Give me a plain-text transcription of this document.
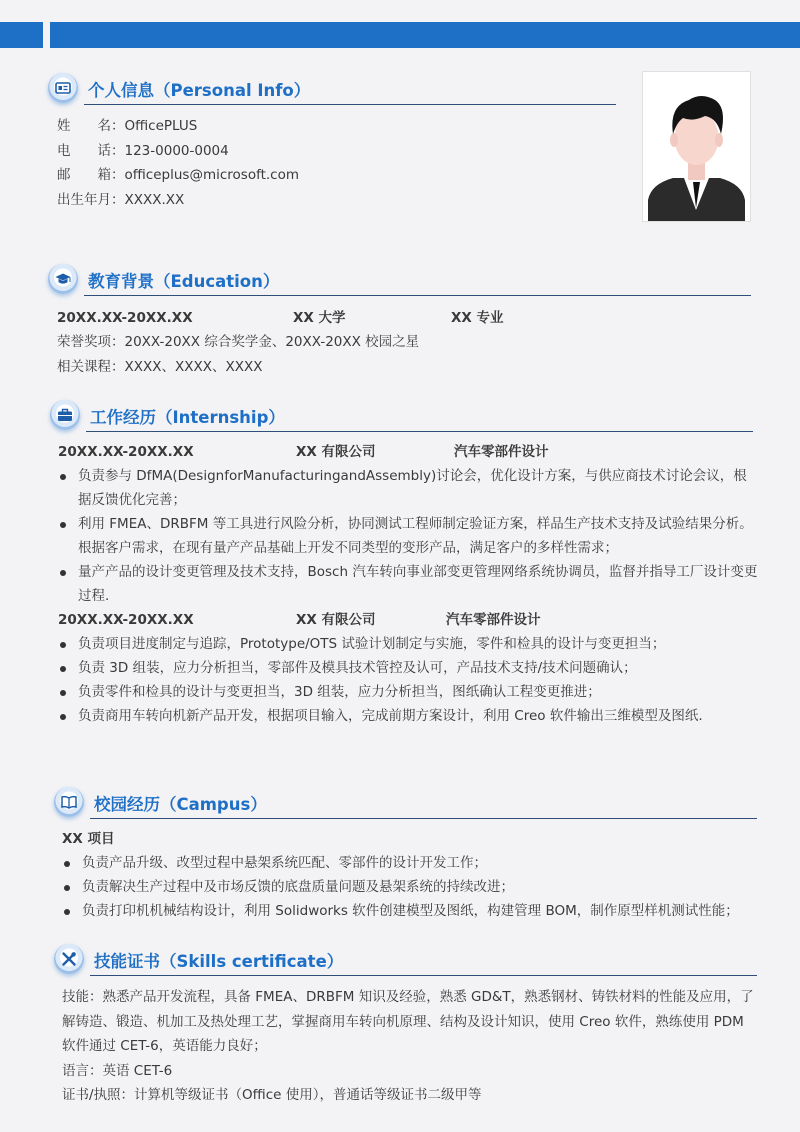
个人信息（Personal Info）
姓　　名：OfficePLUS
电　　话：123-0000-0004
邮　　箱：officeplus@microsoft.com
出生年月：XXXX.XX
教育背景（Education）
20XX.XX-20XX.XX	XX 大学	XX 专业
荣誉奖项：20XX-20XX 综合奖学金、20XX-20XX 校园之星
相关课程：XXXX、XXXX、XXXX
工作经历（Internship）
20XX.XX-20XX.XX	XX 有限公司	汽车零部件设计
负责参与 DfMA(DesignforManufacturingandAssembly)讨论会，优化设计方案，与供应商技术讨论会议，根据反馈优化完善；
利用 FMEA、DRBFM 等工具进行风险分析，协同测试工程师制定验证方案，样品生产技术支持及试验结果分析。根据客户需求，在现有量产产品基础上开发不同类型的变形产品，满足客户的多样性需求；
量产产品的设计变更管理及技术支持，Bosch 汽车转向事业部变更管理网络系统协调员，监督并指导工厂设计变更过程.
20XX.XX-20XX.XX	XX 有限公司	汽车零部件设计
负责项目进度制定与追踪，Prototype/OTS 试验计划制定与实施，零件和检具的设计与变更担当；
负责 3D 组装，应力分析担当，零部件及模具技术管控及认可，产品技术支持/技术问题确认；
负责零件和检具的设计与变更担当，3D 组装，应力分析担当，图纸确认工程变更推进；
负责商用车转向机新产品开发，根据项目输入，完成前期方案设计，利用 Creo 软件输出三维模型及图纸.
校园经历（Campus）
XX 项目
负责产品升级、改型过程中悬架系统匹配、零部件的设计开发工作；
负责解决生产过程中及市场反馈的底盘质量问题及悬架系统的持续改进；
负责打印机机械结构设计，利用 Solidworks 软件创建模型及图纸，构建管理 BOM，制作原型样机测试性能；
技能证书（Skills certificate）
技能：熟悉产品开发流程，具备 FMEA、DRBFM 知识及经验，熟悉 GD&T，熟悉钢材、铸铁材料的性能及应用，了解铸造、锻造、机加工及热处理工艺，掌握商用车转向机原理、结构及设计知识，使用 Creo 软件，熟练使用 PDM 软件通过 CET-6，英语能力良好；
语言：英语 CET-6
证书/执照：计算机等级证书（Office 使用），普通话等级证书二级甲等
